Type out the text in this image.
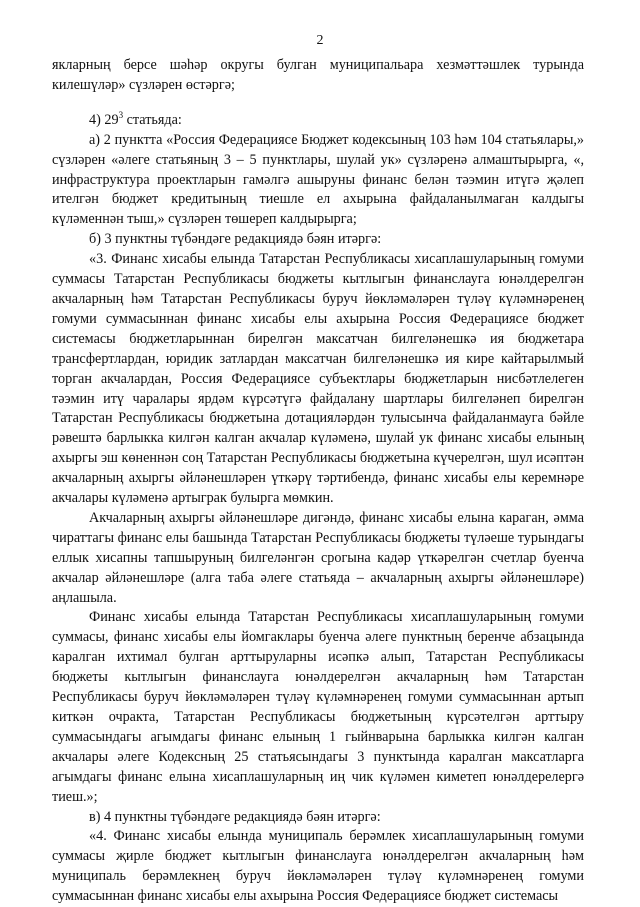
2

якларның берсе шәһәр округы булган муниципальара хезмәттәшлек турында килешүләр» сүзләрен өстәргә;

4) $29^3$ статьяда:

а) 2 пунктта «Россия Федерациясе Бюджет кодексының 103 һәм 104 статьялары,» сүзләрен «әлеге статьяның 3 – 5 пунктлары, шулай ук» сүзләренә алмаштырырга, «, инфраструктура проектларын гамәлгә ашыруны финанс белән тәэмин итүгә җәлеп ителгән бюджет кредитының тиешле ел ахырына файдаланылмаган калдыгы күләменнән тыш,» сүзләрен төшереп калдырырга;

б) 3 пунктны түбәндәге редакциядә бәян итәргә:

«3. Финанс хисабы елында Татарстан Республикасы хисаплашуларының гомуми суммасы Татарстан Республикасы бюджеты кытлыгын финанслауга юнәлдерелгән акчаларның һәм Татарстан Республикасы буруч йөкләмәләрен түләү күләмнәренең гомуми суммасыннан финанс хисабы елы ахырына Россия Федерациясе бюджет системасы бюджетларыннан бирелгән максатчан билгеләнешкә ия бюджетара трансфертлардан, юридик затлардан максатчан билгеләнешкә ия кире кайтарылмый торган акчалардан, Россия Федерациясе субъектлары бюджетларын нисбәтлелеген тәэмин итү чаралары ярдәм күрсәтүгә файдалану шартлары билгеләнеп бирелгән Татарстан Республикасы бюджетына дотацияләрдән тулысынча файдаланмауга бәйле рәвештә барлыкка килгән калган акчалар күләменә, шулай ук финанс хисабы елының ахыргы эш көненнән соң Татарстан Республикасы бюджетына күчерелгән, шул исәптән акчаларның ахыргы әйләнешләрен үткәрү тәртибендә, финанс хисабы елы керемнәре акчалары күләменә артыграк булырга мөмкин.

Акчаларның ахыргы әйләнешләре дигәндә, финанс хисабы елына караган, әмма чираттагы финанс елы башында Татарстан Республикасы бюджеты түләеше турындагы еллык хисапны тапшыруның билгеләнгән срогына кадәр үткәрелгән счетлар буенча акчалар әйләнешләре (алга таба әлеге статьяда – акчаларның ахыргы әйләнешләре) аңлашыла.

Финанс хисабы елында Татарстан Республикасы хисаплашуларының гомуми суммасы, финанс хисабы елы йомгаклары буенча әлеге пунктның беренче абзацында каралган ихтимал булган арттыруларны исәпкә алып, Татарстан Республикасы бюджеты кытлыгын финанслауга юнәлдерелгән акчаларның һәм Татарстан Республикасы буруч йөкләмәләрен түләү күләмнәренең гомуми суммасыннан артып киткән очракта, Татарстан Республикасы бюджетының күрсәтелгән арттыру суммасындагы агымдагы финанс елының 1 гыйнварына барлыкка килгән калган акчалары әлеге Кодексның 25 статьясындагы 3 пунктында каралган максатларга агымдагы финанс елына хисаплашуларның иң чик күләмен киметеп юнәлдерелергә тиеш.»;

в) 4 пунктны түбәндәге редакциядә бәян итәргә:

«4. Финанс хисабы елында муниципаль берәмлек хисаплашуларының гомуми суммасы җирле бюджет кытлыгын финанслауга юнәлдерелгән акчаларның һәм муниципаль берәмлекнең буруч йөкләмәләрен түләү күләмнәренең гомуми суммасыннан финанс хисабы елы ахырына Россия Федерациясе бюджет системасы
